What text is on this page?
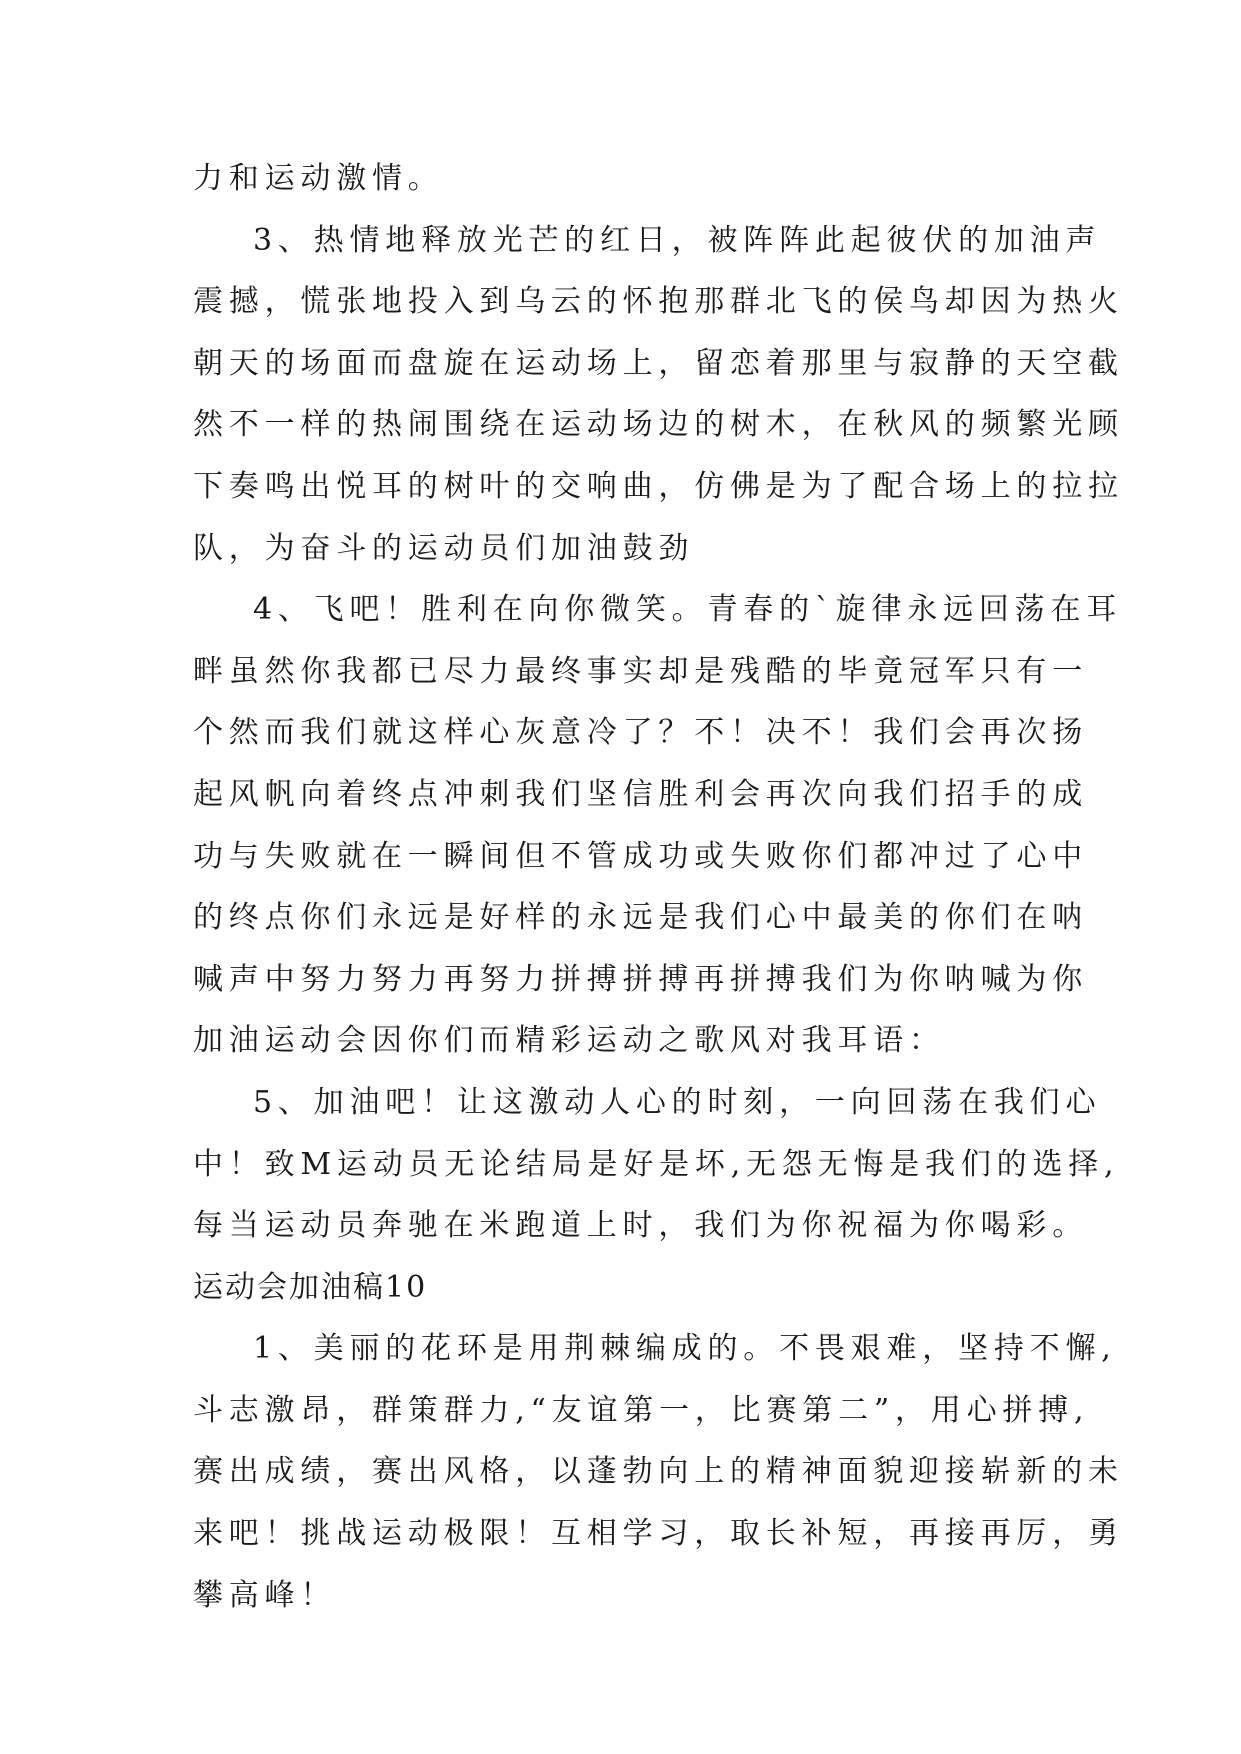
力和运动激情。
3、热情地释放光芒的红日，被阵阵此起彼伏的加油声
震撼，慌张地投入到乌云的怀抱那群北飞的侯鸟却因为热火
朝天的场面而盘旋在运动场上，留恋着那里与寂静的天空截
然不一样的热闹围绕在运动场边的树木，在秋风的频繁光顾
下奏鸣出悦耳的树叶的交响曲，仿佛是为了配合场上的拉拉
队，为奋斗的运动员们加油鼓劲
4、飞吧！胜利在向你微笑。青春的`旋律永远回荡在耳
畔虽然你我都已尽力最终事实却是残酷的毕竟冠军只有一
个然而我们就这样心灰意冷了？不！决不！我们会再次扬
起风帆向着终点冲刺我们坚信胜利会再次向我们招手的成
功与失败就在一瞬间但不管成功或失败你们都冲过了心中
的终点你们永远是好样的永远是我们心中最美的你们在呐
喊声中努力努力再努力拼搏拼搏再拼搏我们为你呐喊为你
加油运动会因你们而精彩运动之歌风对我耳语：
5、加油吧！让这激动人心的时刻，一向回荡在我们心
中！致M运动员无论结局是好是坏,无怨无悔是我们的选择,
每当运动员奔驰在米跑道上时，我们为你祝福为你喝彩。
运动会加油稿10
1、美丽的花环是用荆棘编成的。不畏艰难，坚持不懈,
斗志激昂，群策群力,“友谊第一，比赛第二”，用心拼搏,
赛出成绩，赛出风格，以蓬勃向上的精神面貌迎接崭新的未
来吧！挑战运动极限！互相学习，取长补短，再接再厉，勇
攀高峰！
